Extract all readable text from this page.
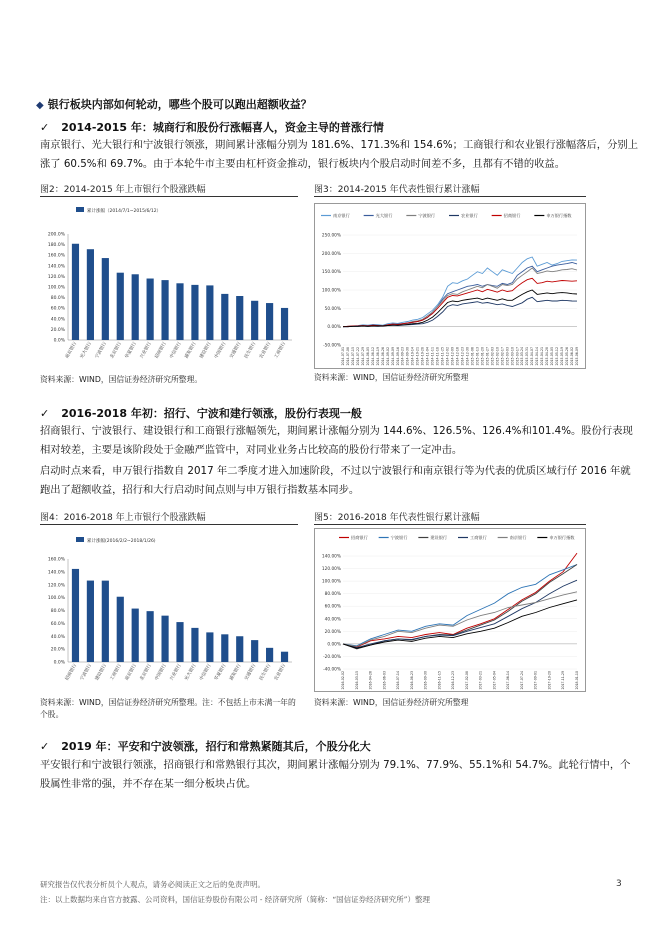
◆ 银行板块内部如何轮动，哪些个股可以跑出超额收益？
✓ 2014-2015 年：城商行和股份行涨幅喜人，资金主导的普涨行情
南京银行、光大银行和宁波银行领涨，期间累计涨幅分别为 181.6%、171.3%和 154.6%；工商银行和农业银行涨幅落后，分别上涨了 60.5%和 69.7%。由于本轮牛市主要由杠杆资金推动，银行板块内个股启动时间差不多，且都有不错的收益。
图2：2014-2015 年上市银行个股涨跌幅
累计涨幅（2014/7/1~2015/6/12）
0.0%
20.0%
40.0%
60.0%
80.0%
100.0%
120.0%
140.0%
160.0%
180.0%
200.0%
南京银行 光大银行 宁波银行 北京银行 华夏银行 兴业银行 招商银行 中信银行 浦发银行 建设银行 中国银行 交通银行 民生银行 农业银行 工商银行
资料来源：WIND，国信证券经济研究所整理。
图3：2014-2015 年代表性银行累计涨幅
南京银行	光大银行	宁波银行	农业银行	招商银行	申万银行指数
-50.00%
0.00%
50.00%
100.00%
150.00%
200.00%
250.00%
2014-07-01 2014-07-08 2014-07-15 2014-07-22 2014-07-29 2014-08-05 2014-08-12 2014-08-19 2014-08-26 2014-09-02 2014-09-09 2014-09-16 2014-09-23 2014-09-30 2014-10-14 2014-10-21 2014-10-28 2014-11-04 2014-11-11 2014-11-18 2014-11-25 2014-12-02 2014-12-09 2014-12-16 2014-12-23 2014-12-30 2015-01-06 2015-01-13 2015-01-20 2015-01-27 2015-02-03 2015-02-10 2015-02-17 2015-03-03 2015-03-10 2015-03-17 2015-03-24 2015-03-31 2015-04-07 2015-04-14 2015-04-21 2015-04-28 2015-05-05 2015-05-12 2015-05-19 2015-05-26 2015-06-02 2015-06-09
资料来源：WIND，国信证券经济研究所整理
✓ 2016-2018 年初：招行、宁波和建行领涨，股份行表现一般
招商银行、宁波银行、建设银行和工商银行涨幅领先，期间累计涨幅分别为 144.6%、126.5%、126.4%和101.4%。股份行表现相对较差，主要是该阶段处于金融严监管中，对同业业务占比较高的股份行带来了一定冲击。
启动时点来看，申万银行指数自 2017 年二季度才进入加速阶段，不过以宁波银行和南京银行等为代表的优质区域行仔 2016 年就跑出了超额收益，招行和大行启动时间点则与申万银行指数基本同步。
图4：2016-2018 年上市银行个股涨跌幅
累计涨幅(2016/2/2~2018/1/26)
0.0%
20.0%
40.0%
60.0%
80.0%
100.0%
120.0%
140.0%
160.0%
招商银行 宁波银行 建设银行 工商银行 南京银行 北京银行 中国银行 兴业银行 光大银行 中信银行 华夏银行 浦发银行 交通银行 民生银行 农业银行
资料来源：WIND，国信证券经济研究所整理。注：不包括上市未满一年的个股。
图5：2016-2018 年代表性银行累计涨幅
招商银行	宁波银行	建设银行	工商银行	南京银行	申万银行指数
-40.00%
-20.00%
0.00%
20.00%
40.00%
60.00%
80.00%
100.00%
120.00%
140.00%
2016-02-02	2016-03-15	2016-04-26	2016-06-03	2016-07-14	2016-08-23	2016-09-30	2016-11-15	2016-12-23	2017-02-08	2017-03-21	2017-05-04	2017-06-14	2017-07-24	2017-09-01	2017-10-20	2017-11-29	2018-01-10
资料来源：WIND，国信证券经济研究所整理
✓ 2019 年：平安和宁波领涨，招行和常熟紧随其后，个股分化大
平安银行和宁波银行领涨，招商银行和常熟银行其次，期间累计涨幅分别为 79.1%、77.9%、55.1%和 54.7%。此轮行情中，个股属性非常的强，并不存在某一细分板块占优。
研究报告仅代表分析员个人观点，请务必阅读正文之后的免责声明。
注：以上数据均来自官方披露、公司资料，国信证券股份有限公司 - 经济研究所（简称：“国信证券经济研究所”）整理
3
